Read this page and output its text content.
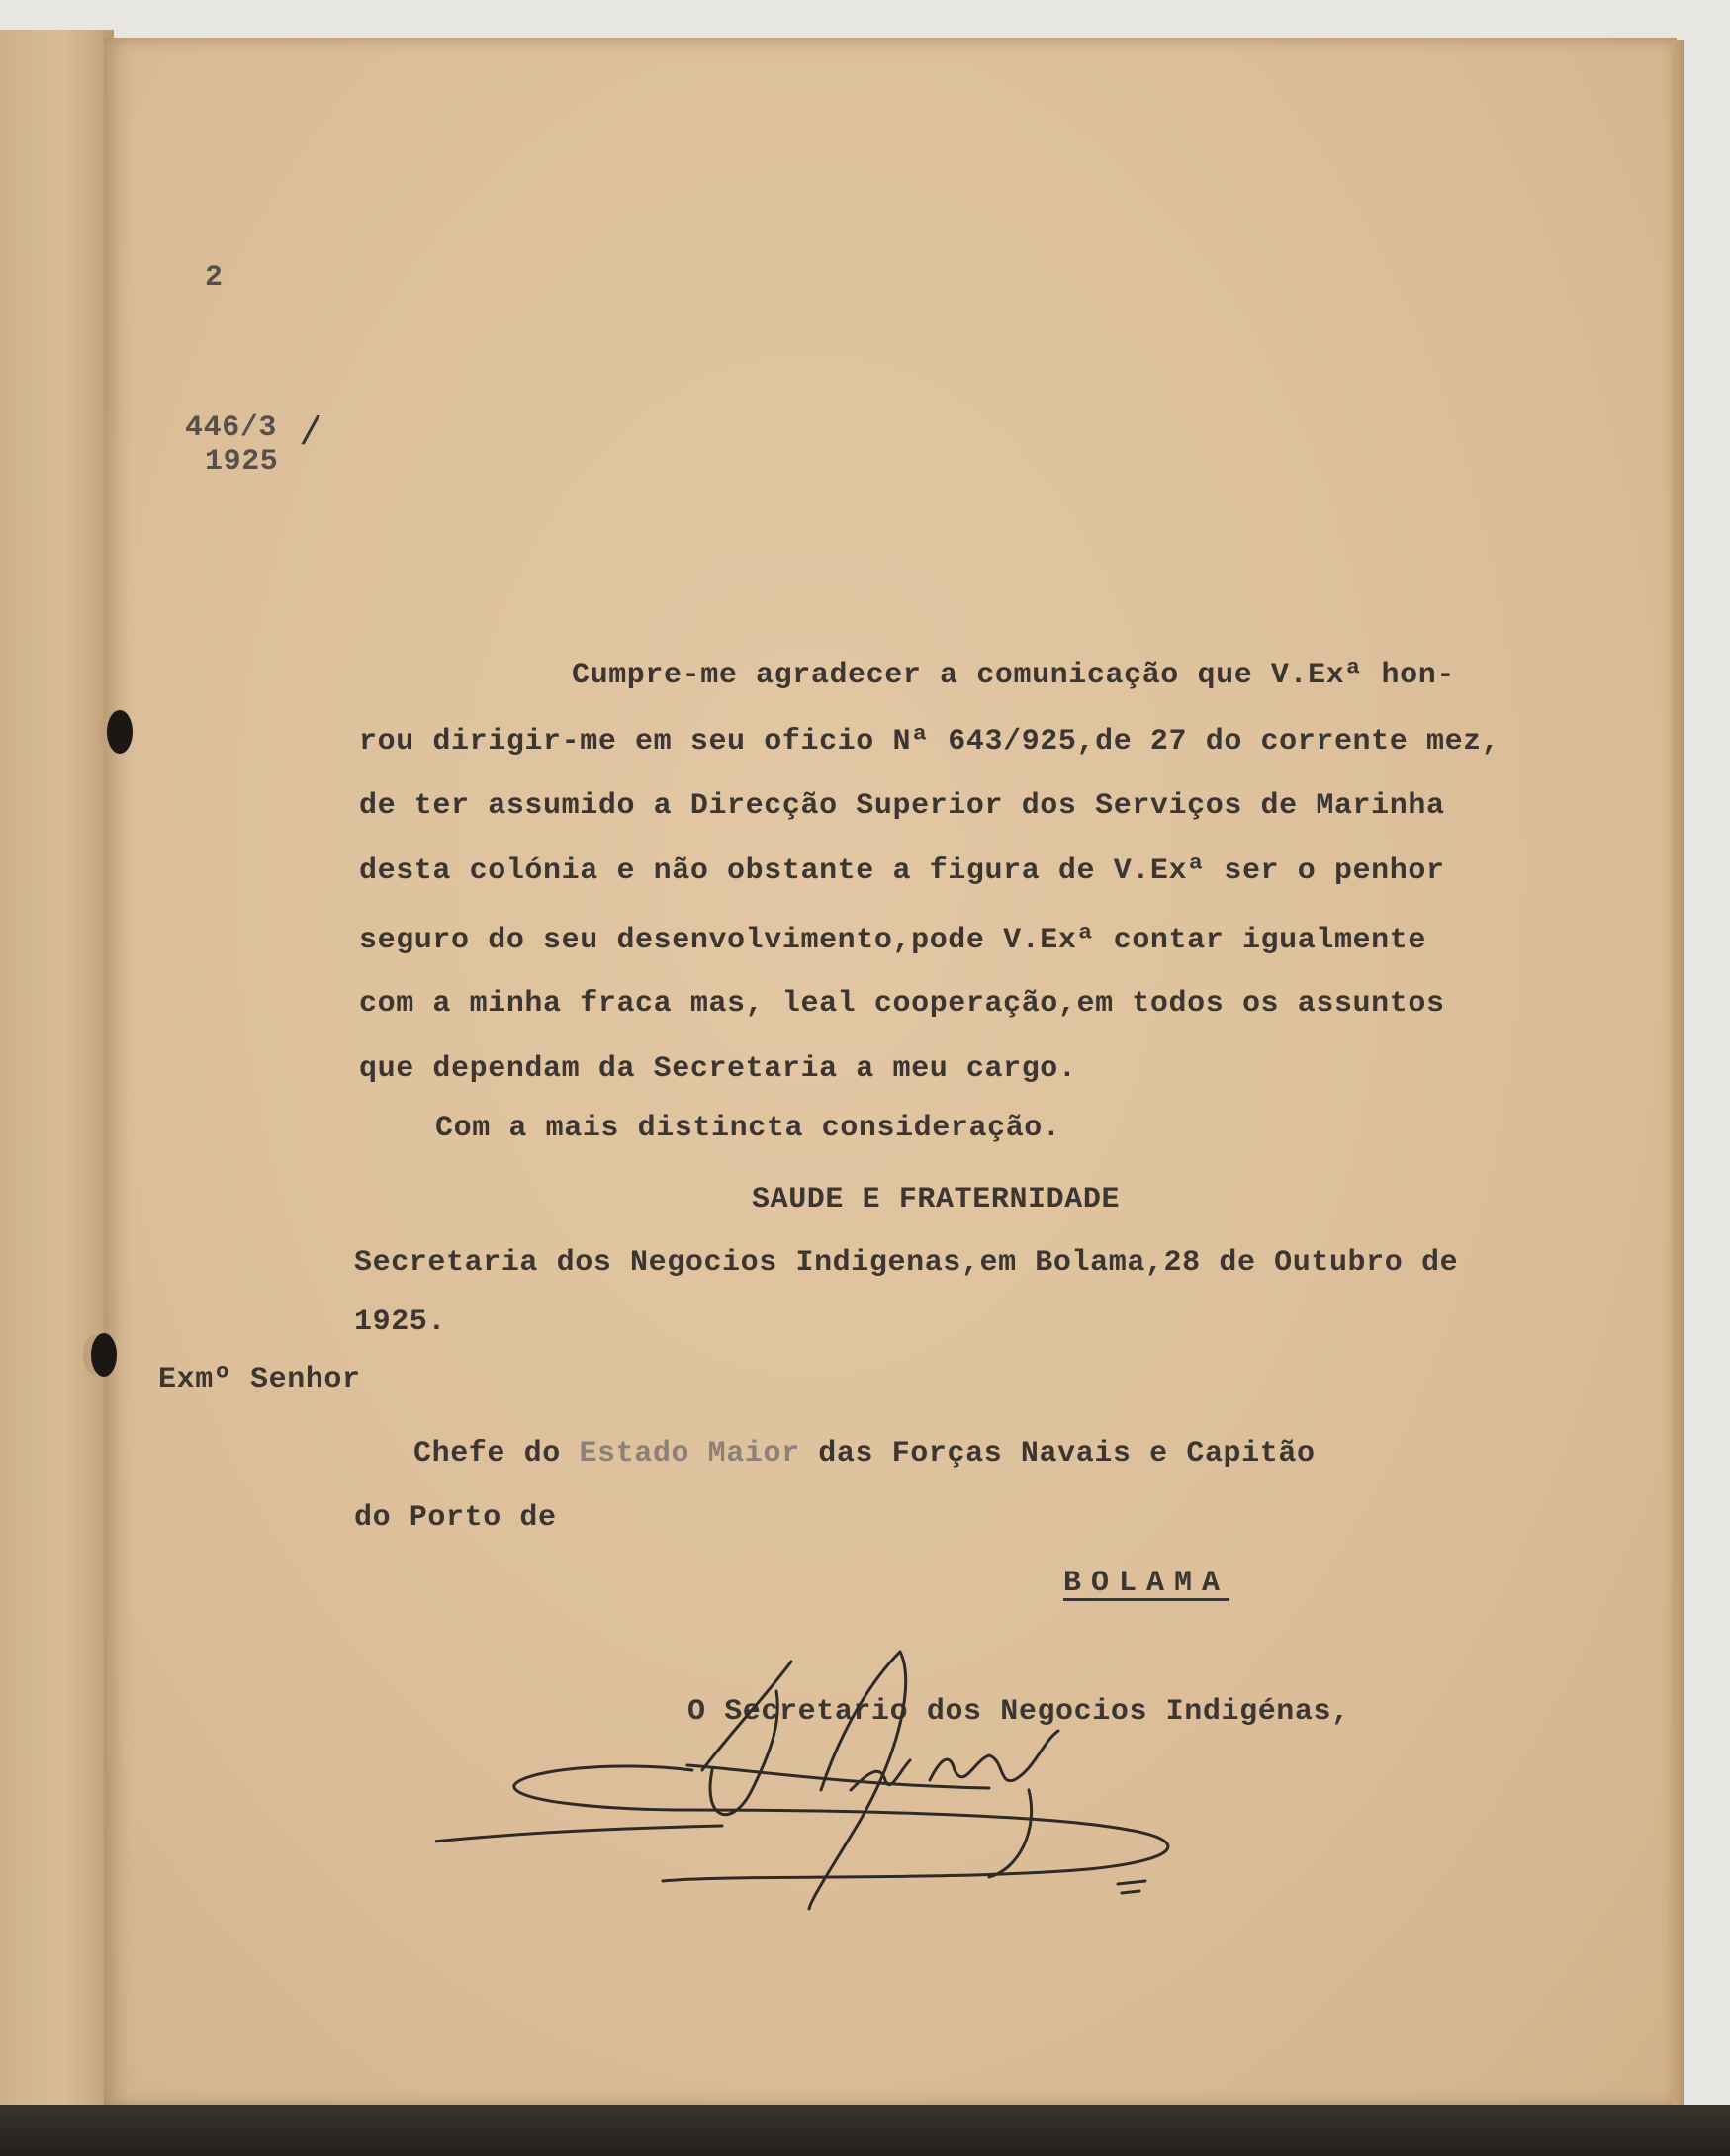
2
446/3
1925
/
Cumpre-me agradecer a comunicação que V.Exª hon-
rou dirigir-me em seu oficio Nª 643/925,de 27 do corrente mez,
de ter assumido a Direcção Superior dos Serviços de Marinha
desta colónia e não obstante a figura de V.Exª ser o penhor
seguro do seu desenvolvimento,pode V.Exª contar igualmente
com a minha fraca mas, leal cooperação,em todos os assuntos
que dependam da Secretaria a meu cargo.
Com a mais distincta consideração.
SAUDE E FRATERNIDADE
Secretaria dos Negocios Indigenas,em Bolama,28 de Outubro de
1925.
Exmº Senhor
Chefe do Estado Maior das Forças Navais e Capitão
do Porto de
BOLAMA
O Secretario dos Negocios Indigénas,
